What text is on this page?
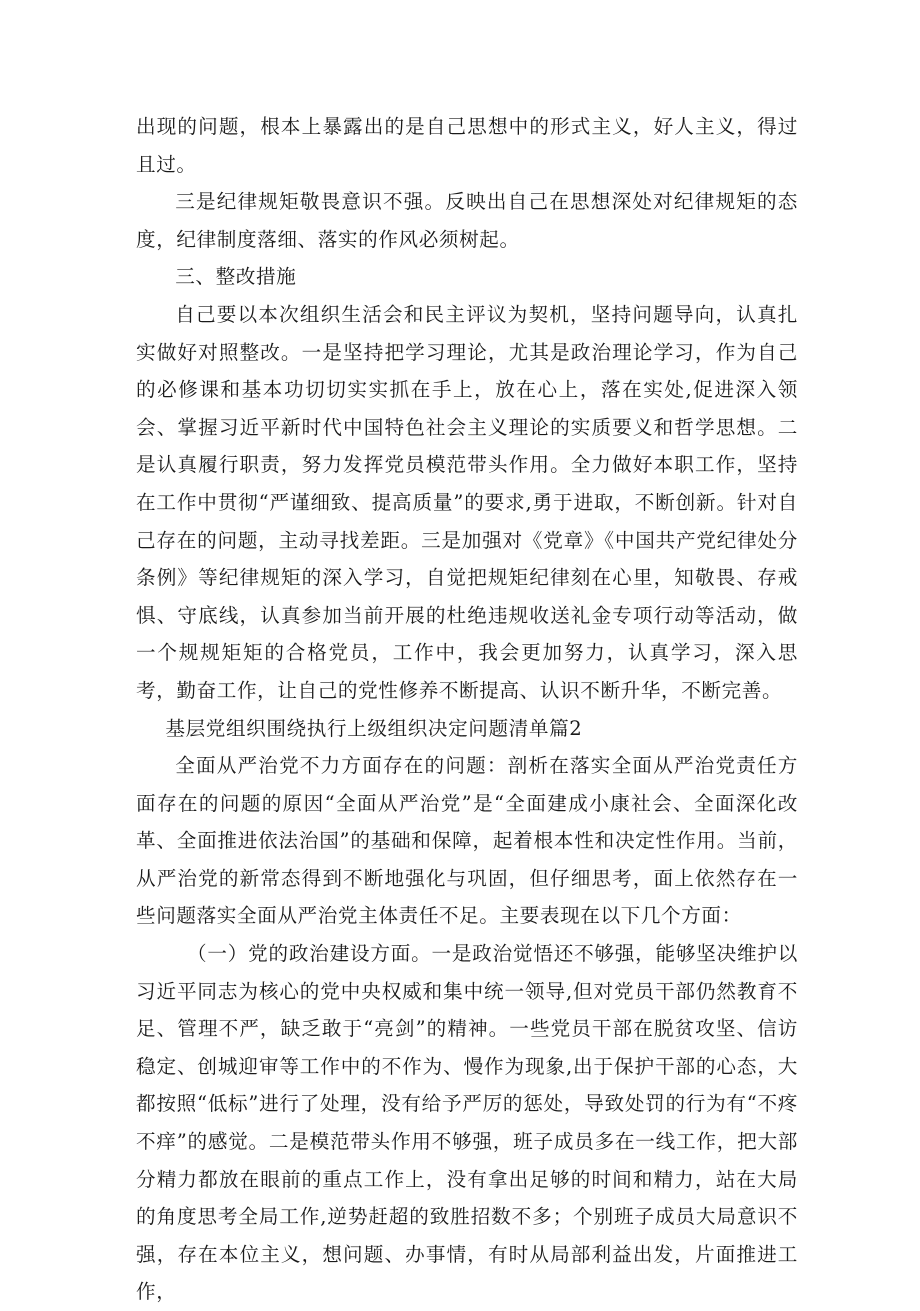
出现的问题，根本上暴露出的是自己思想中的形式主义，好人主义，得过且过。

三是纪律规矩敬畏意识不强。反映出自己在思想深处对纪律规矩的态度，纪律制度落细、落实的作风必须树起。

三、整改措施

自己要以本次组织生活会和民主评议为契机，坚持问题导向，认真扎实做好对照整改。一是坚持把学习理论，尤其是政治理论学习，作为自己的必修课和基本功切切实实抓在手上，放在心上，落在实处,促进深入领会、掌握习近平新时代中国特色社会主义理论的实质要义和哲学思想。二是认真履行职责，努力发挥党员模范带头作用。全力做好本职工作，坚持在工作中贯彻“严谨细致、提高质量”的要求,勇于进取，不断创新。针对自己存在的问题，主动寻找差距。三是加强对《党章》《中国共产党纪律处分条例》等纪律规矩的深入学习，自觉把规矩纪律刻在心里，知敬畏、存戒惧、守底线，认真参加当前开展的杜绝违规收送礼金专项行动等活动，做一个规规矩矩的合格党员，工作中，我会更加努力，认真学习，深入思考，勤奋工作，让自己的党性修养不断提高、认识不断升华，不断完善。

基层党组织围绕执行上级组织决定问题清单篇2

全面从严治党不力方面存在的问题：剖析在落实全面从严治党责任方面存在的问题的原因“全面从严治党”是“全面建成小康社会、全面深化改革、全面推进依法治国”的基础和保障，起着根本性和决定性作用。当前，从严治党的新常态得到不断地强化与巩固，但仔细思考，面上依然存在一些问题落实全面从严治党主体责任不足。主要表现在以下几个方面：

（一）党的政治建设方面。一是政治觉悟还不够强，能够坚决维护以习近平同志为核心的党中央权威和集中统一领导,但对党员干部仍然教育不足、管理不严，缺乏敢于“亮剑”的精神。一些党员干部在脱贫攻坚、信访稳定、创城迎审等工作中的不作为、慢作为现象,出于保护干部的心态，大都按照“低标”进行了处理，没有给予严厉的惩处，导致处罚的行为有“不疼不痒”的感觉。二是模范带头作用不够强，班子成员多在一线工作，把大部分精力都放在眼前的重点工作上，没有拿出足够的时间和精力，站在大局的角度思考全局工作,逆势赶超的致胜招数不多；个别班子成员大局意识不强，存在本位主义，想问题、办事情，有时从局部利益出发，片面推进工作，
